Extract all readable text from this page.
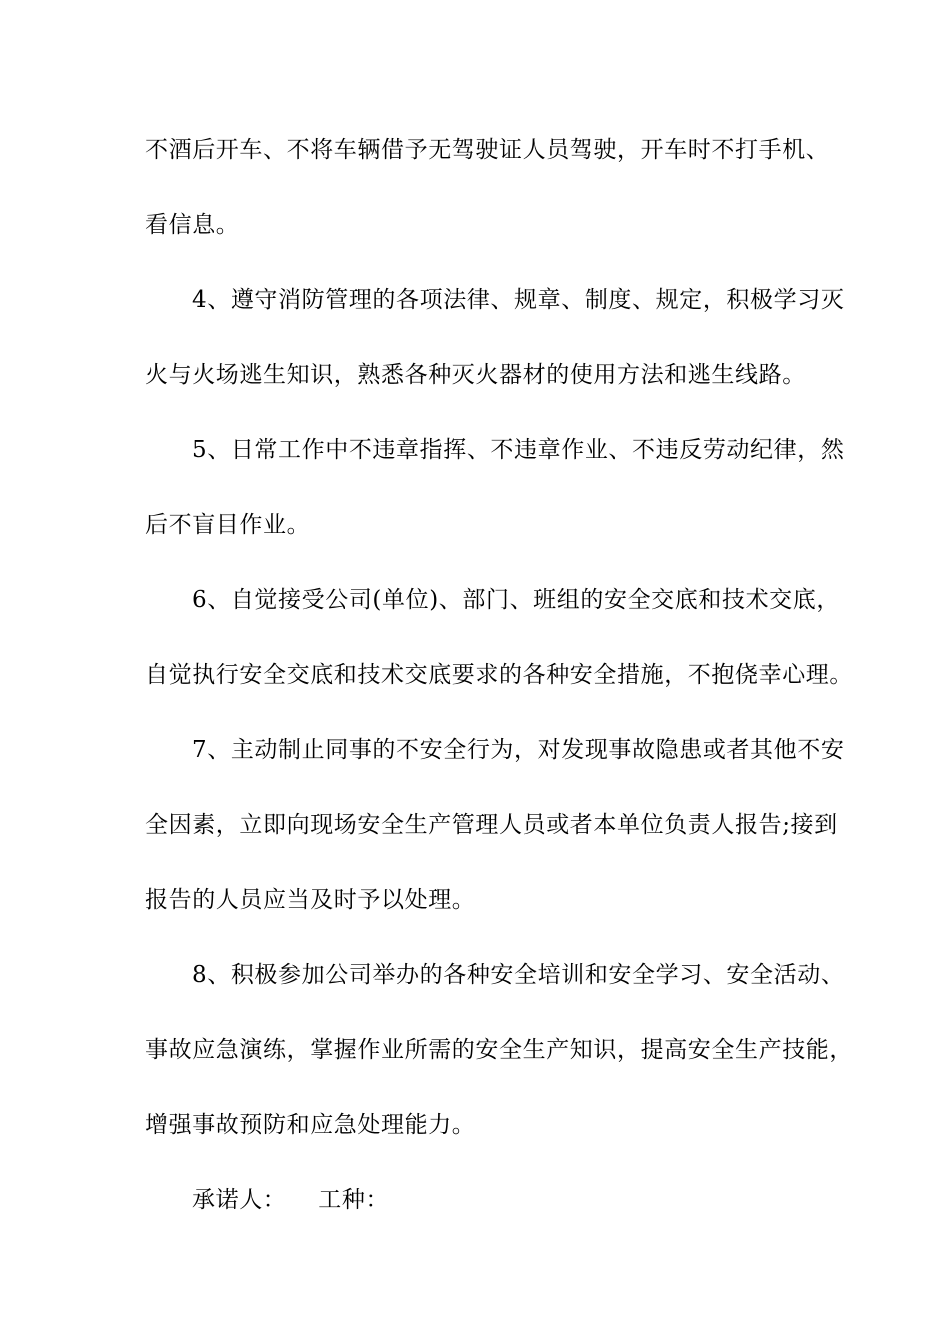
不酒后开车、不将车辆借予无驾驶证人员驾驶，开车时不打手机、
看信息。
4、遵守消防管理的各项法律、规章、制度、规定，积极学习灭
火与火场逃生知识，熟悉各种灭火器材的使用方法和逃生线路。
5、日常工作中不违章指挥、不违章作业、不违反劳动纪律，然
后不盲目作业。
6、自觉接受公司(单位)、部门、班组的安全交底和技术交底，
自觉执行安全交底和技术交底要求的各种安全措施，不抱侥幸心理。
7、主动制止同事的不安全行为，对发现事故隐患或者其他不安
全因素，立即向现场安全生产管理人员或者本单位负责人报告;接到
报告的人员应当及时予以处理。
8、积极参加公司举办的各种安全培训和安全学习、安全活动、
事故应急演练，掌握作业所需的安全生产知识，提高安全生产技能，
增强事故预防和应急处理能力。
承诺人： 工种：
